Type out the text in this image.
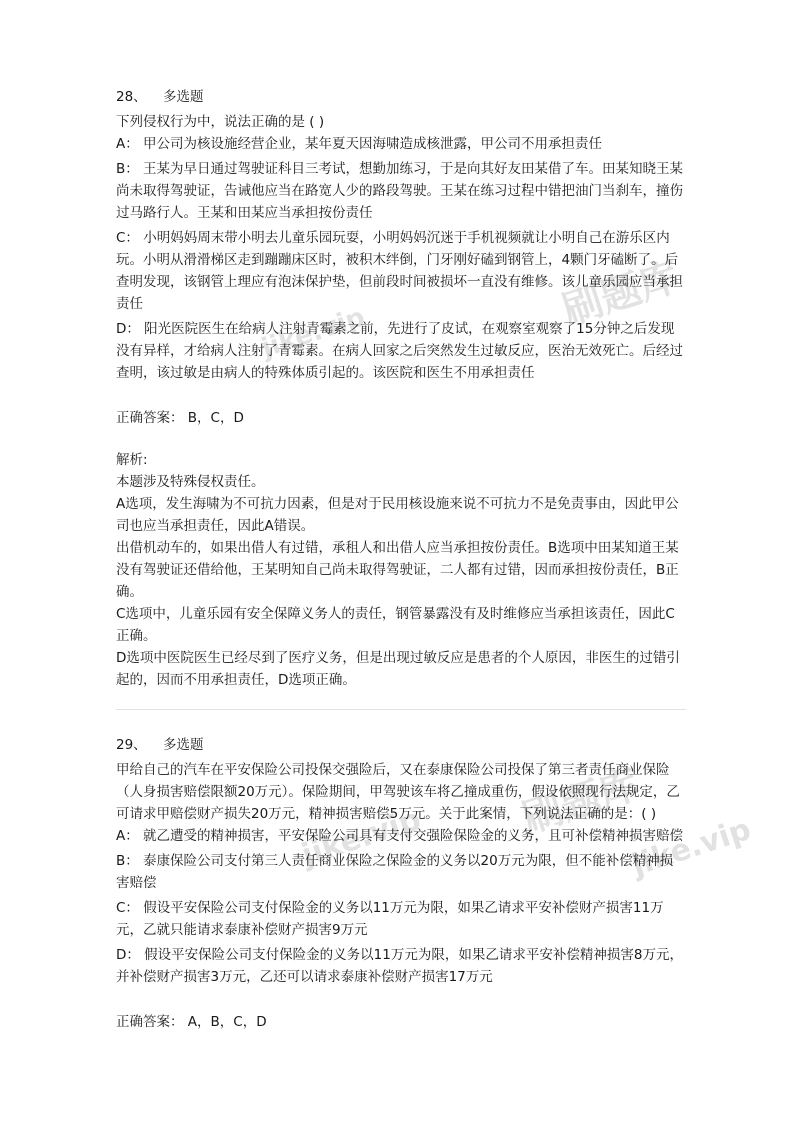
刷题库
jike.vip
刷题库
jike.vip	jike.vip
28、 多选题

下列侵权行为中，说法正确的是 ( )

A： 甲公司为核设施经营企业，某年夏天因海啸造成核泄露，甲公司不用承担责任

B： 王某为早日通过驾驶证科目三考试，想勤加练习，于是向其好友田某借了车。田某知晓王某尚未取得驾驶证，告诫他应当在路宽人少的路段驾驶。王某在练习过程中错把油门当刹车，撞伤过马路行人。王某和田某应当承担按份责任

C： 小明妈妈周末带小明去儿童乐园玩耍，小明妈妈沉迷于手机视频就让小明自己在游乐区内玩。小明从滑滑梯区走到蹦蹦床区时，被积木绊倒，门牙刚好磕到钢管上，4颗门牙磕断了。后查明发现，该钢管上理应有泡沫保护垫，但前段时间被损坏一直没有维修。该儿童乐园应当承担责任

D： 阳光医院医生在给病人注射青霉素之前，先进行了皮试，在观察室观察了15分钟之后发现没有异样，才给病人注射了青霉素。在病人回家之后突然发生过敏反应，医治无效死亡。后经过查明，该过敏是由病人的特殊体质引起的。该医院和医生不用承担责任

正确答案： B，C，D

解析:

本题涉及特殊侵权责任。

A选项，发生海啸为不可抗力因素，但是对于民用核设施来说不可抗力不是免责事由，因此甲公司也应当承担责任，因此A错误。

出借机动车的，如果出借人有过错，承租人和出借人应当承担按份责任。B选项中田某知道王某没有驾驶证还借给他，王某明知自己尚未取得驾驶证，二人都有过错，因而承担按份责任，B正确。

C选项中，儿童乐园有安全保障义务人的责任，钢管暴露没有及时维修应当承担该责任，因此C正确。

D选项中医院医生已经尽到了医疗义务，但是出现过敏反应是患者的个人原因，非医生的过错引起的，因而不用承担责任，D选项正确。

29、 多选题

甲给自己的汽车在平安保险公司投保交强险后，又在泰康保险公司投保了第三者责任商业保险（人身损害赔偿限额20万元）。保险期间，甲驾驶该车将乙撞成重伤，假设依照现行法规定，乙可请求甲赔偿财产损失20万元，精神损害赔偿5万元。关于此案情，下列说法正确的是：( )

A： 就乙遭受的精神损害，平安保险公司具有支付交强险保险金的义务，且可补偿精神损害赔偿

B： 泰康保险公司支付第三人责任商业保险之保险金的义务以20万元为限，但不能补偿精神损害赔偿

C： 假设平安保险公司支付保险金的义务以11万元为限，如果乙请求平安补偿财产损害11万元，乙就只能请求泰康补偿财产损害9万元

D： 假设平安保险公司支付保险金的义务以11万元为限，如果乙请求平安补偿精神损害8万元，并补偿财产损害3万元，乙还可以请求泰康补偿财产损害17万元

正确答案： A，B，C，D
